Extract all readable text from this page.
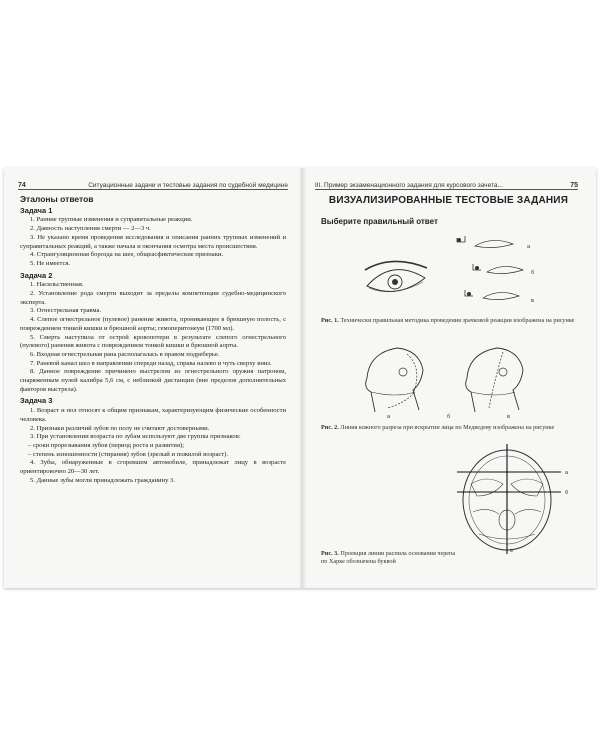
74	Ситуационные задачи и тестовые задания по судебной медицине
Эталоны ответов
Задача 1

1. Ранние трупные изменения и суправитальные реакции.

2. Давность наступления смерти — 2—3 ч.

3. Не указано время проведения исследования и описания ранних трупных изменений и суправитальных реакций, а также начала и окончания осмотра места происшествия.

4. Странгуляционная борозда на шее, общеасфиктические признаки.

5. Не имеется.

Задача 2

1. Насильственная.

2. Установление рода смерти выходит за пределы компетенции судебно-медицинского эксперта.

3. Огнестрельная травма.

4. Слепое огнестрельное (пулевое) ранение живота, проникающее в брюшную полость, с повреждением тонкой кишки и брюшной аорты; гемоперитонеум (1700 мл).

5. Смерть наступила от острой кровопотери в результате слепого огнестрельного (пулевого) ранения живота с повреждением тонкой кишки и брюшной аорты.

6. Входная огнестрельная рана располагалась в правом подреберье.

7. Раневой канал шел в направлении спереди назад, справа налево и чуть сверху вниз.

8. Данное повреждение причинено выстрелом из огнестрельного оружия патроном, снаряженным пулей калибра 5,6 см, с неблизкой дистанции (вне пределов дополнительных факторов выстрела).

Задача 3

1. Возраст и пол относят к общим признакам, характеризующим физические особенности человека.

2. Признаки различий зубов по полу не считают достоверными.

3. При установлении возраста по зубам используют две группы признаков:

– сроки прорезывания зубов (период роста и развития);

– степень изношенности (стирания) зубов (зрелый и пожилой возраст).

4. Зубы, обнаруженные в сгоревшем автомобиле, принадлежат лицу в возрасте ориентировочно 20—30 лет.

5. Данные зубы могли принадлежать гражданину 3.

III. Пример экзаменационного задания для курсового зачета...	75
ВИЗУАЛИЗИРОВАННЫЕ ТЕСТОВЫЕ ЗАДАНИЯ
Выберите правильный ответ
а
б
в
Рис. 1. Технически правильная методика проведения зрачковой реакции изображена на рисунке
а	б	в
Рис. 2. Линия кожного разреза при вскрытии лица по Медведеву изображена на рисунке
а
б
в
Рис. 3. Проекция линии распила основания черепа по Харке обозначена буквой
